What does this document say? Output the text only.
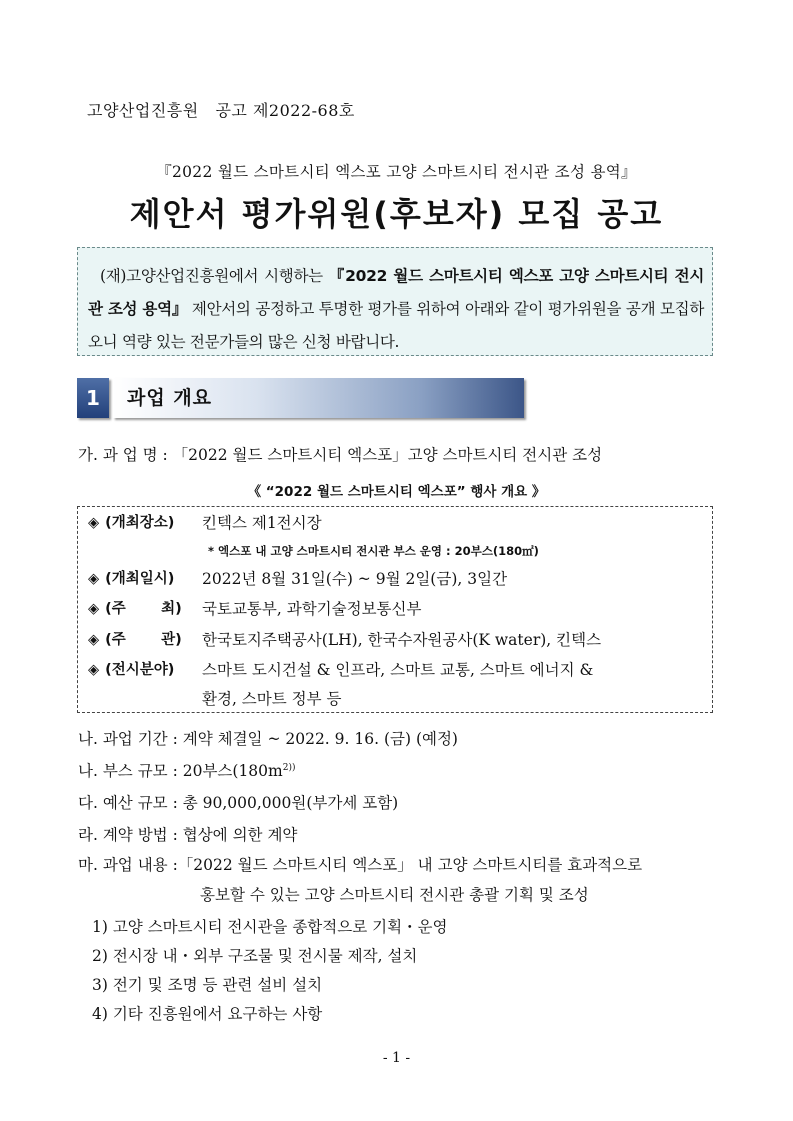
고양산업진흥원   공고 제2022-68호
『2022 월드 스마트시티 엑스포 고양 스마트시티 전시관 조성 용역』
제안서 평가위원(후보자) 모집 공고
(재)고양산업진흥원에서 시행하는 『2022 월드 스마트시티 엑스포 고양 스마트시티 전시관 조성 용역』 제안서의 공정하고 투명한 평가를 위하여 아래와 같이 평가위원을 공개 모집하오니 역량 있는 전문가들의 많은 신청 바랍니다.
1	과업 개요
가. 과 업 명 : 「2022 월드 스마트시티 엑스포」고양 스마트시티 전시관 조성
《 “2022 월드 스마트시티 엑스포” 행사 개요 》
◈ (개최장소) 킨텍스 제1전시장
* 엑스포 내 고양 스마트시티 전시관 부스 운영 : 20부스(180㎡)
◈ (개최일시) 2022년 8월 31일(수) ~ 9월 2일(금), 3일간
◈ (주       최) 국토교통부, 과학기술정보통신부
◈ (주       관) 한국토지주택공사(LH), 한국수자원공사(K water), 킨텍스
◈ (전시분야) 스마트 도시건설 & 인프라, 스마트 교통, 스마트 에너지 &
환경, 스마트 정부 등
나. 과업 기간 : 계약 체결일 ~ 2022. 9. 16. (금) (예정)
나. 부스 규모 : 20부스($180m^{2))}$
다. 예산 규모 : 총 90,000,000원(부가세 포함)
라. 계약 방법 : 협상에 의한 계약
마. 과업 내용 :「2022 월드 스마트시티 엑스포」 내 고양 스마트시티를 효과적으로
홍보할 수 있는 고양 스마트시티 전시관 총괄 기획 및 조성
1) 고양 스마트시티 전시관을 종합적으로 기획・운영
2) 전시장 내・외부 구조물 및 전시물 제작, 설치
3) 전기 및 조명 등 관련 설비 설치
4) 기타 진흥원에서 요구하는 사항
- 1 -
